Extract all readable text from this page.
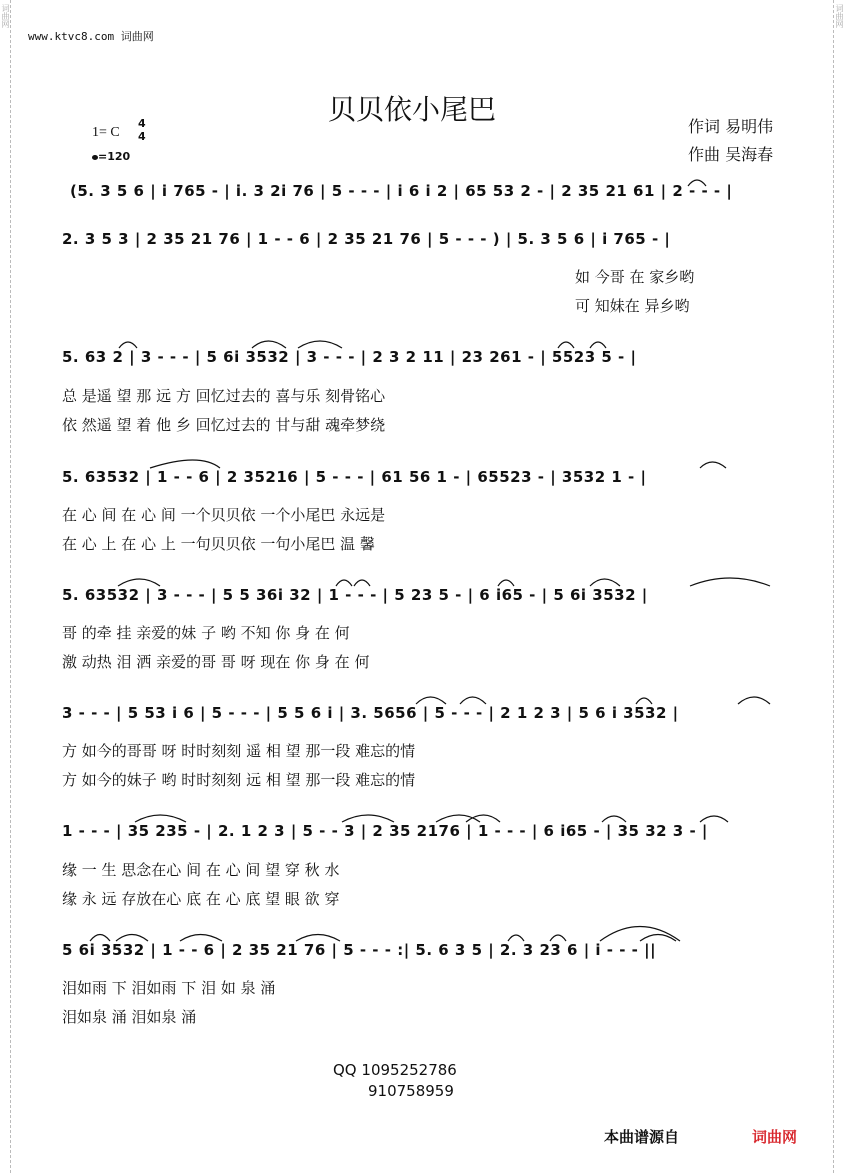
词曲网	词曲网
www.ktvc8.com 词曲网
贝贝依小尾巴
作词 易明伟
作曲 吴海春
1= C
4
4
=120
(5. 3 5 6 | i 765 - | i. 3 2i 76 | 5 - - - | i 6 i 2 | 65 53 2 - | 2 35 21 61 | 2 - - - |
2. 3 5 3 | 2 35 21 76 | 1 - - 6 | 2 35 21 76 | 5 - - - ) | 5. 3 5 6 | i 765 - |
如 今哥 在 家乡哟
可 知妹在 异乡哟
5. 63 2 | 3 - - - | 5 6i 3532 | 3 - - - | 2 3 2 11 | 23 261 - | 5523 5 - |
总 是遥 望 那 远 方 回忆过去的 喜与乐 刻骨铭心
依 然遥 望 着 他 乡 回忆过去的 甘与甜 魂牵梦绕
5. 63532 | 1 - - 6 | 2 35216 | 5 - - - | 61 56 1 - | 65523 - | 3532 1 - |
在 心 间 在 心 间 一个贝贝依 一个小尾巴 永远是
在 心 上 在 心 上 一句贝贝依 一句小尾巴 温 馨
5. 63532 | 3 - - - | 5 5 36i 32 | 1 - - - | 5 23 5 - | 6 i65 - | 5 6i 3532 |
哥 的牵 挂 亲爱的妹 子 哟 不知 你 身 在 何
激 动热 泪 洒 亲爱的哥 哥 呀 现在 你 身 在 何
3 - - - | 5 53 i 6 | 5 - - - | 5 5 6 i | 3. 5656 | 5 - - - | 2 1 2 3 | 5 6 i 3532 |
方 如今的哥哥 呀 时时刻刻 遥 相 望 那一段 难忘的情
方 如今的妹子 哟 时时刻刻 远 相 望 那一段 难忘的情
1 - - - | 35 235 - | 2. 1 2 3 | 5 - - 3 | 2 35 2176 | 1 - - - | 6 i65 - | 35 32 3 - |
缘 一 生 思念在心 间 在 心 间 望 穿 秋 水
缘 永 远 存放在心 底 在 心 底 望 眼 欲 穿
5 6i 3532 | 1 - - 6 | 2 35 21 76 | 5 - - - :| 5. 6 3 5 | 2. 3 23 6 | i - - - ||
泪如雨 下 泪如雨 下 泪 如 泉 涌
泪如泉 涌 泪如泉 涌
QQ 1095252786
910758959
本曲谱源自	词曲网
